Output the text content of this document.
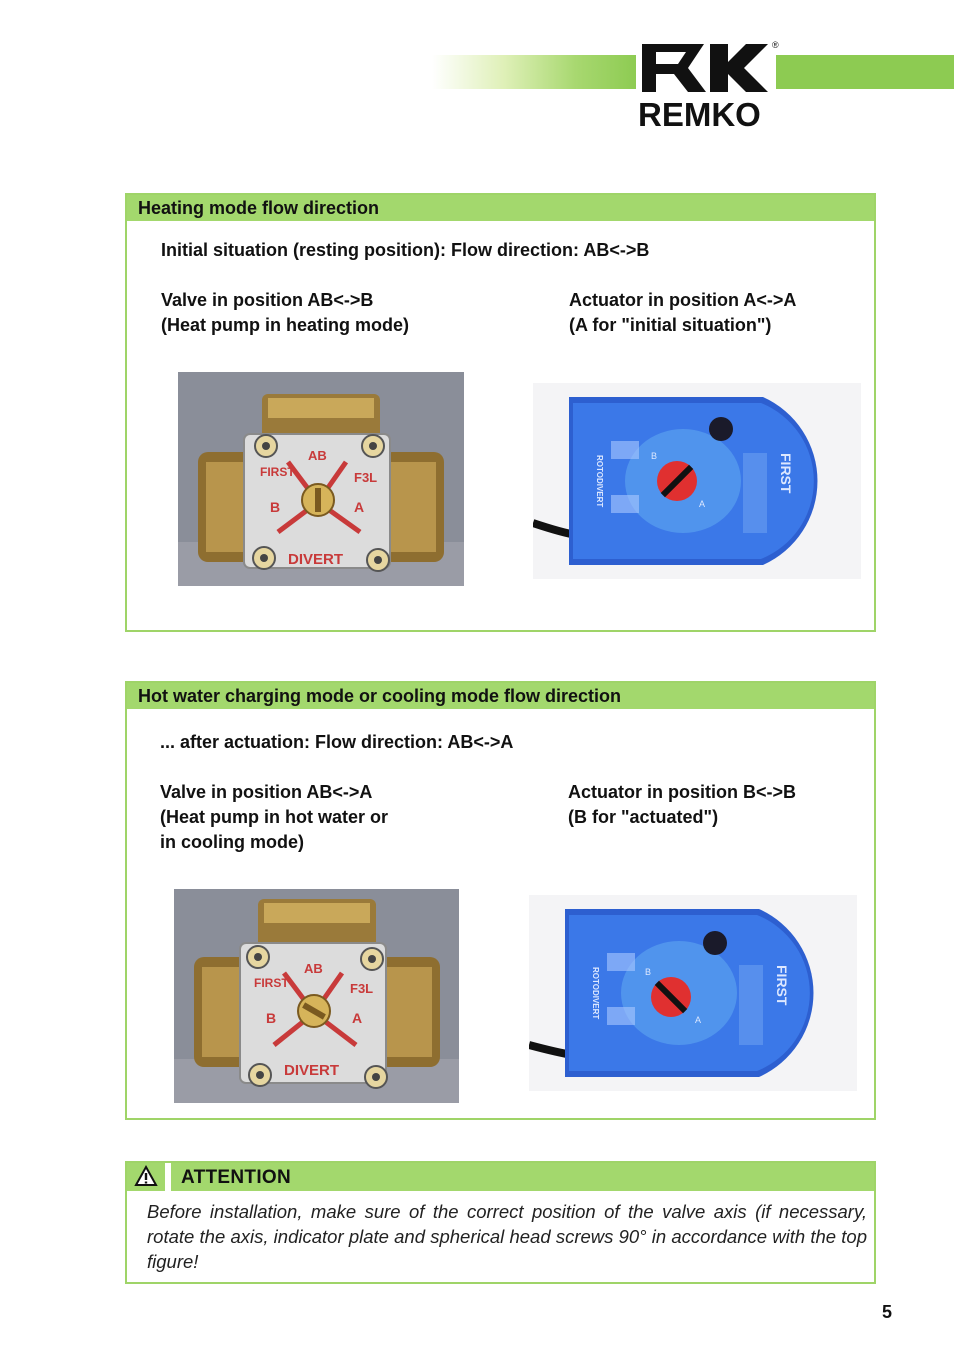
®
REMKO
Heating mode flow direction
Initial situation (resting position): Flow direction: AB<->B
Valve in position AB<->B
(Heat pump in heating mode)
Actuator in position A<->A
(A for "initial situation")
FIRST
AB
F3L
B	A
DIVERT
ROTODIVERT	B
A
FIRST
Hot water charging mode or cooling mode flow direction
... after actuation: Flow direction: AB<->A
Valve in position AB<->A
(Heat pump in hot water or
in cooling mode)
Actuator in position B<->B
(B for "actuated")
FIRST
AB
F3L
B	A
DIVERT
ROTODIVERT	B
A
FIRST
ATTENTION
Before installation, make sure of the correct position of the valve axis (if necessary, rotate the axis, indicator plate and spherical head screws 90° in accordance with the top figure!
5
